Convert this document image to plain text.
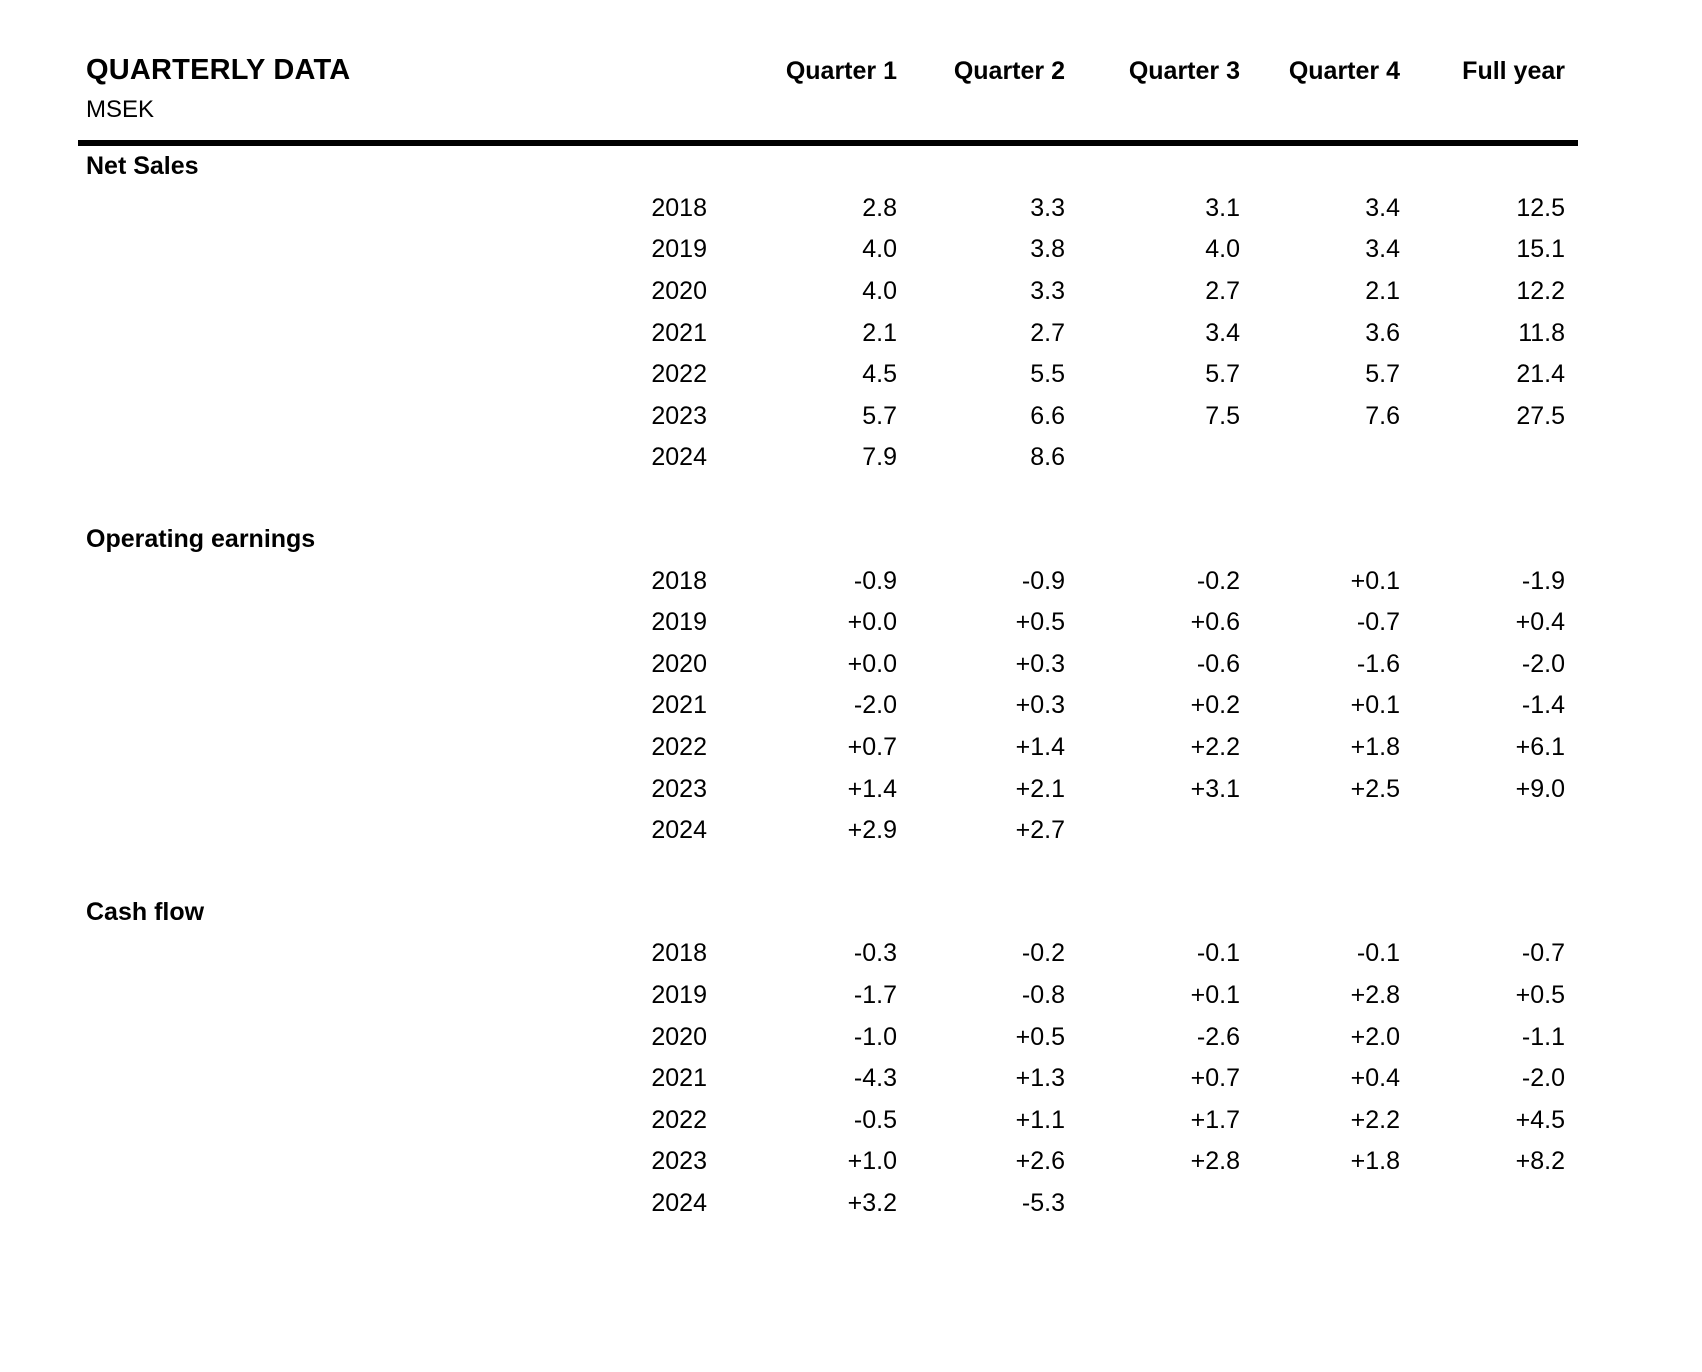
QUARTERLY DATA	Quarter 1	Quarter 2	Quarter 3	Quarter 4	Full year
MSEK
Net Sales
2018	2.8	3.3	3.1	3.4	12.5
2019	4.0	3.8	4.0	3.4	15.1
2020	4.0	3.3	2.7	2.1	12.2
2021	2.1	2.7	3.4	3.6	11.8
2022	4.5	5.5	5.7	5.7	21.4
2023	5.7	6.6	7.5	7.6	27.5
2024	7.9	8.6
Operating earnings
2018	-0.9	-0.9	-0.2	+0.1	-1.9
2019	+0.0	+0.5	+0.6	-0.7	+0.4
2020	+0.0	+0.3	-0.6	-1.6	-2.0
2021	-2.0	+0.3	+0.2	+0.1	-1.4
2022	+0.7	+1.4	+2.2	+1.8	+6.1
2023	+1.4	+2.1	+3.1	+2.5	+9.0
2024	+2.9	+2.7
Cash flow
2018	-0.3	-0.2	-0.1	-0.1	-0.7
2019	-1.7	-0.8	+0.1	+2.8	+0.5
2020	-1.0	+0.5	-2.6	+2.0	-1.1
2021	-4.3	+1.3	+0.7	+0.4	-2.0
2022	-0.5	+1.1	+1.7	+2.2	+4.5
2023	+1.0	+2.6	+2.8	+1.8	+8.2
2024	+3.2	-5.3
